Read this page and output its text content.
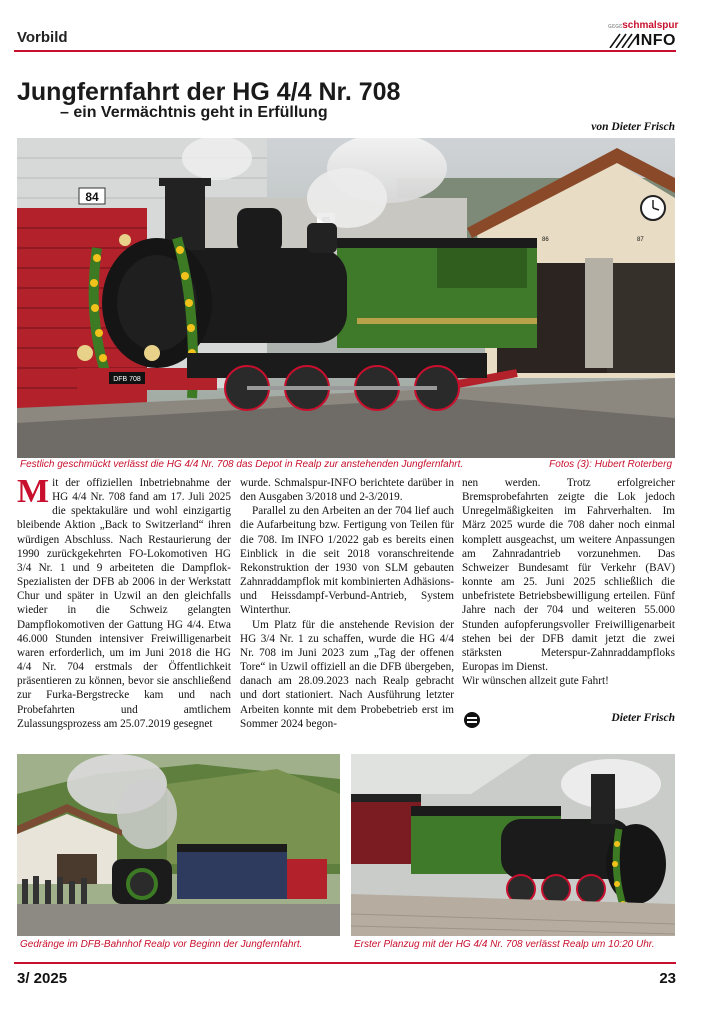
Vorbild
ɢɛɢɛschmalspur
INFO
Jungfernfahrt der HG 4/4 Nr. 708
– ein Vermächtnis geht in Erfüllung
von Dieter Frisch
84
86	87
DFB 708
Festlich geschmückt verlässt die HG 4/4 Nr. 708 das Depot in Realp zur anstehenden Jungfernfahrt.	Fotos (3): Hubert Roterberg

Mit der offiziellen Inbetriebnahme der HG 4/4 Nr. 708 fand am 17. Juli 2025 die spektakuläre und wohl einzigartig bleibende Aktion „Back to Switzerland“ ihren würdigen Abschluss. Nach Restaurierung der 1990 zurückgekehrten FO-Lokomotiven HG 3/4 Nr. 1 und 9 arbeiteten die Dampflok-Spezialisten der DFB ab 2006 in der Werkstatt Chur und später in Uzwil an den gleichfalls wieder in die Schweiz gelangten Dampflokomotiven der Gattung HG 4/4. Etwa 46.000 Stunden intensiver Freiwilligenarbeit waren erforderlich, um im Juni 2018 die HG 4/4 Nr. 704 erstmals der Öffentlichkeit präsentieren zu können, bevor sie anschließend zur Furka-Bergstrecke kam und nach Probefahrten und amtlichem Zulassungsprozess am 25.07.2019 gesegnet

wurde. Schmalspur-INFO berichtete darüber in den Ausgaben 3/2018 und 2-3/2019.

Parallel zu den Arbeiten an der 704 lief auch die Aufarbeitung bzw. Fertigung von Teilen für die 708. Im INFO 1/2022 gab es bereits einen Einblick in die seit 2018 voranschreitende Rekonstruktion der 1930 von SLM gebauten Zahnraddampflok mit kombinierten Adhäsions- und Heissdampf-Verbund-Antrieb, System Winterthur.

Um Platz für die anstehende Revision der HG 3/4 Nr. 1 zu schaffen, wurde die HG 4/4 Nr. 708 im Juni 2023 zum „Tag der offenen Tore“ in Uzwil offiziell an die DFB übergeben, danach am 28.09.2023 nach Realp gebracht und dort stationiert. Nach Ausführung letzter Arbeiten konnte mit dem Probebetrieb erst im Sommer 2024 begon-

nen werden. Trotz erfolgreicher Bremsprobefahrten zeigte die Lok jedoch Unregelmäßigkeiten im Fahrverhalten. Im März 2025 wurde die 708 daher noch einmal komplett ausgeachst, um weitere Anpassungen am Zahnradantrieb vorzunehmen. Das Schweizer Bundesamt für Verkehr (BAV) konnte am 25. Juni 2025 schließlich die unbefristete Betriebsbewilligung erteilen. Fünf Jahre nach der 704 und weiteren 55.000 Stunden aufopferungsvoller Freiwilligenarbeit stehen bei der DFB damit jetzt die zwei stärksten Meterspur-Zahnraddampfloks Europas im Dienst.

Wir wünschen allzeit gute Fahrt!

Dieter Frisch
Gedränge im DFB-Bahnhof Realp vor Beginn der Jungfernfahrt.	Erster Planzug mit der HG 4/4 Nr. 708 verlässt Realp um 10:20 Uhr.
3/ 2025	23
